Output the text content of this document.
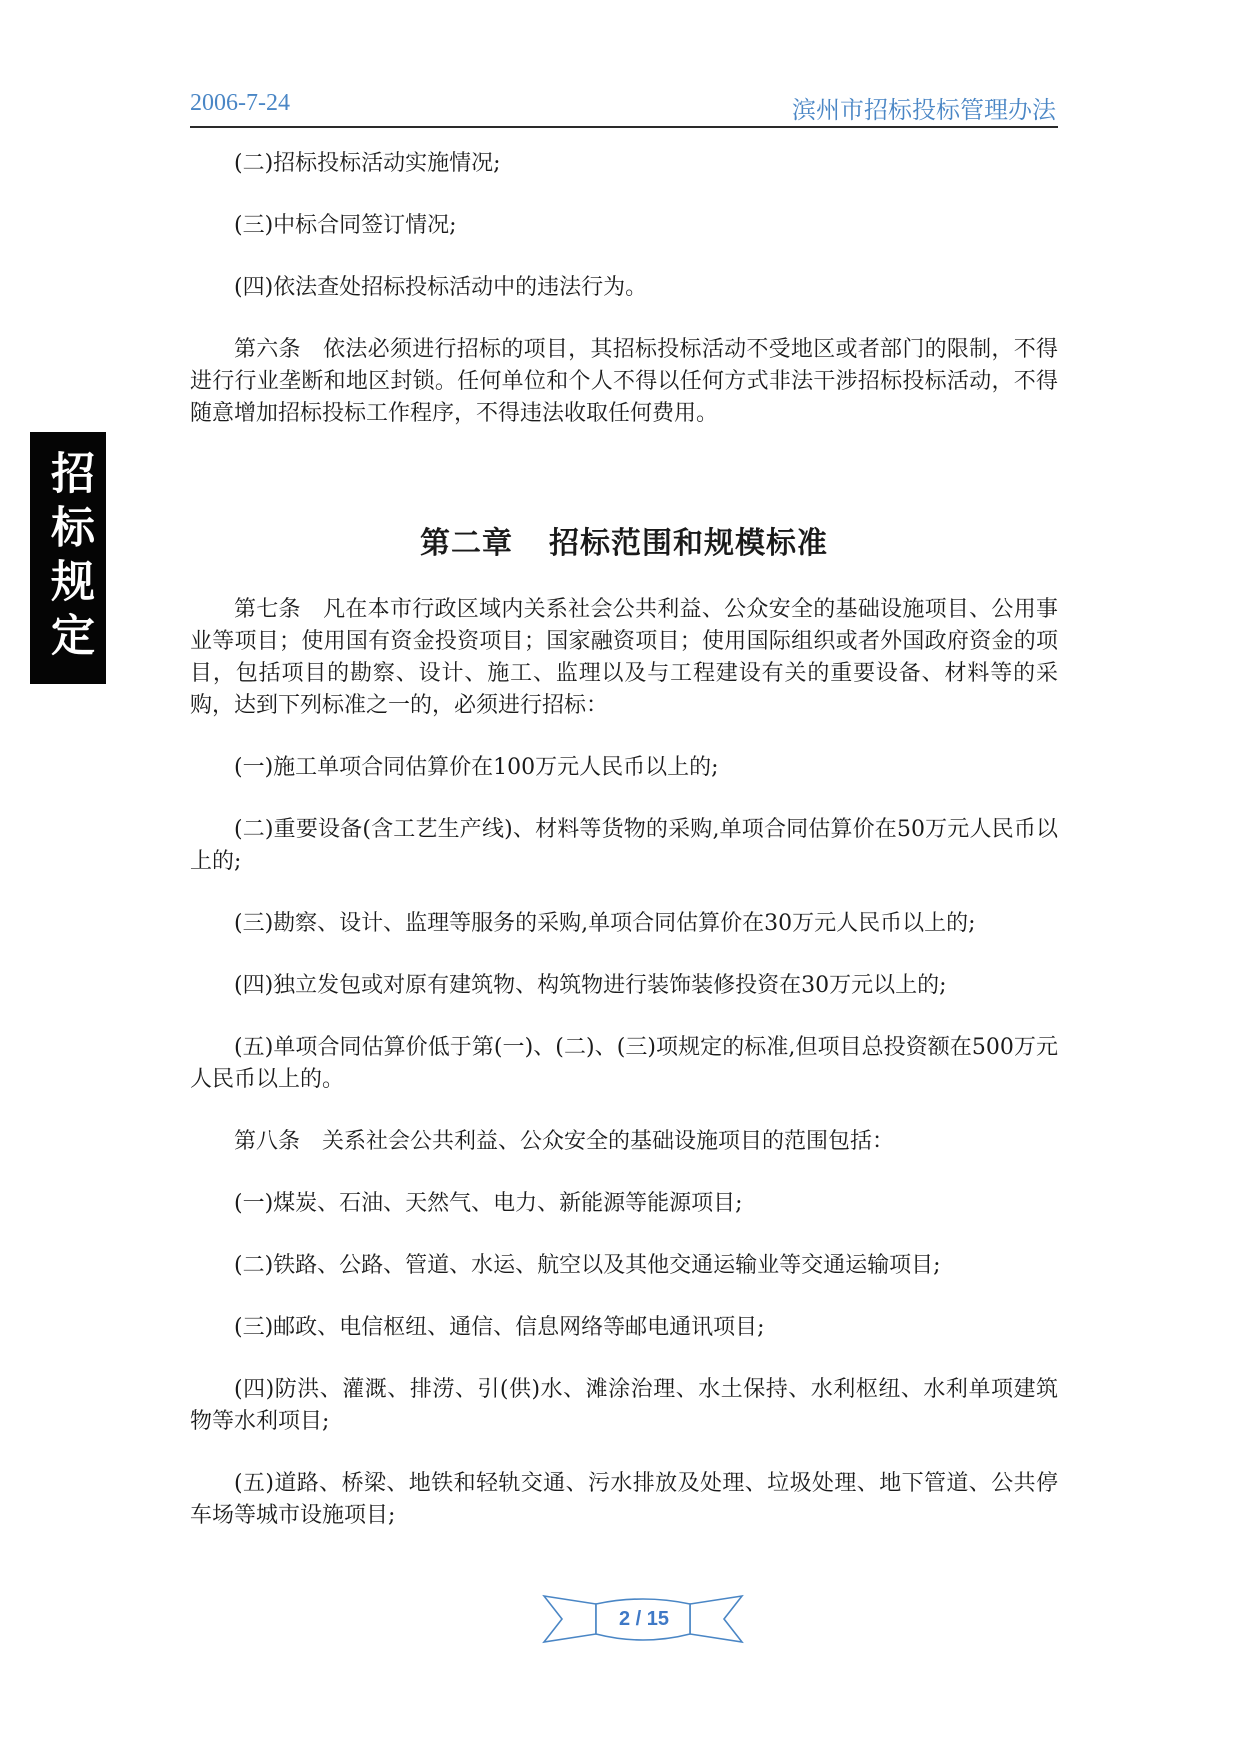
2006-7-24	滨州市招标投标管理办法
招标规定

(二)招标投标活动实施情况;

(三)中标合同签订情况;

(四)依法查处招标投标活动中的违法行为。

第六条　依法必须进行招标的项目，其招标投标活动不受地区或者部门的限制，不得进行行业垄断和地区封锁。任何单位和个人不得以任何方式非法干涉招标投标活动，不得随意增加招标投标工作程序，不得违法收取任何费用。

第二章 招标范围和规模标准

第七条　凡在本市行政区域内关系社会公共利益、公众安全的基础设施项目、公用事业等项目；使用国有资金投资项目；国家融资项目；使用国际组织或者外国政府资金的项目，包括项目的勘察、设计、施工、监理以及与工程建设有关的重要设备、材料等的采购，达到下列标准之一的，必须进行招标：

(一)施工单项合同估算价在100万元人民币以上的;

(二)重要设备(含工艺生产线)、材料等货物的采购,单项合同估算价在50万元人民币以上的;

(三)勘察、设计、监理等服务的采购,单项合同估算价在30万元人民币以上的;

(四)独立发包或对原有建筑物、构筑物进行装饰装修投资在30万元以上的;

(五)单项合同估算价低于第(一)、(二)、(三)项规定的标准,但项目总投资额在500万元人民币以上的。

第八条　关系社会公共利益、公众安全的基础设施项目的范围包括：

(一)煤炭、石油、天然气、电力、新能源等能源项目;

(二)铁路、公路、管道、水运、航空以及其他交通运输业等交通运输项目;

(三)邮政、电信枢纽、通信、信息网络等邮电通讯项目;

(四)防洪、灌溉、排涝、引(供)水、滩涂治理、水土保持、水利枢纽、水利单项建筑物等水利项目;

(五)道路、桥梁、地铁和轻轨交通、污水排放及处理、垃圾处理、地下管道、公共停车场等城市设施项目;

2 / 15
